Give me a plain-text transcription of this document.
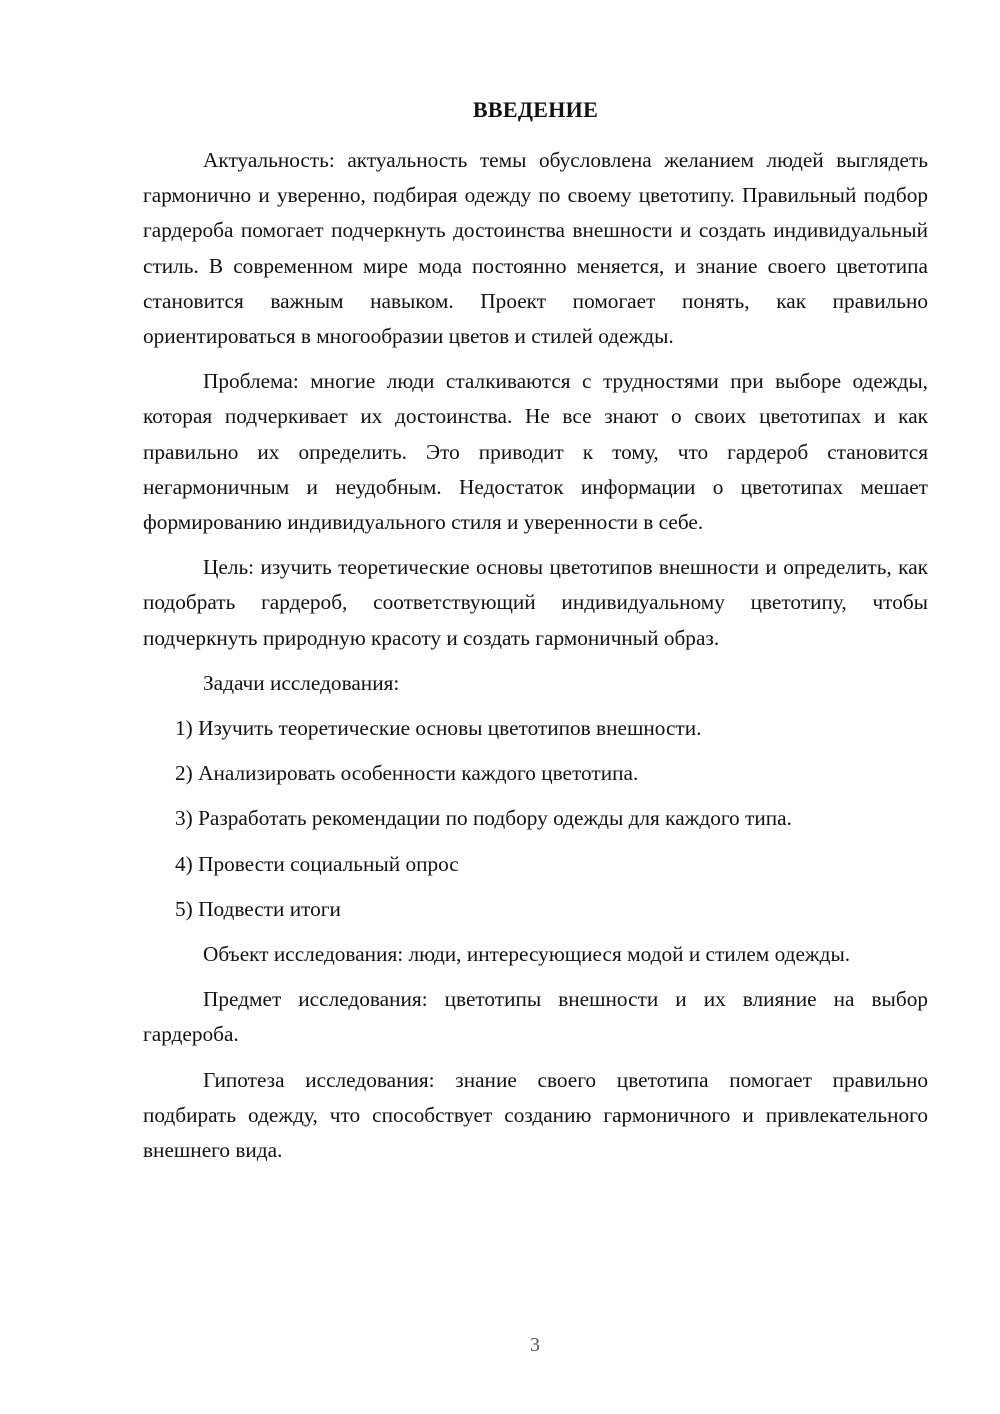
ВВЕДЕНИЕ

Актуальность: актуальность темы обусловлена желанием людей выглядеть гармонично и уверенно, подбирая одежду по своему цветотипу. Правильный подбор гардероба помогает подчеркнуть достоинства внешности и создать индивидуальный стиль. В современном мире мода постоянно меняется, и знание своего цветотипа становится важным навыком. Проект помогает понять, как правильно ориентироваться в многообразии цветов и стилей одежды.

Проблема: многие люди сталкиваются с трудностями при выборе одежды, которая подчеркивает их достоинства. Не все знают о своих цветотипах и как правильно их определить. Это приводит к тому, что гардероб становится негармоничным и неудобным. Недостаток информации о цветотипах мешает формированию индивидуального стиля и уверенности в себе.

Цель: изучить теоретические основы цветотипов внешности и определить, как подобрать гардероб, соответствующий индивидуальному цветотипу, чтобы подчеркнуть природную красоту и создать гармоничный образ.

Задачи исследования:

1) Изучить теоретические основы цветотипов внешности.
2) Анализировать особенности каждого цветотипа.
3) Разработать рекомендации по подбору одежды для каждого типа.
4) Провести социальный опрос
5) Подвести итоги

Объект исследования: люди, интересующиеся модой и стилем одежды.

Предмет исследования: цветотипы внешности и их влияние на выбор гардероба.

Гипотеза исследования: знание своего цветотипа помогает правильно подбирать одежду, что способствует созданию гармоничного и привлекательного внешнего вида.

3
